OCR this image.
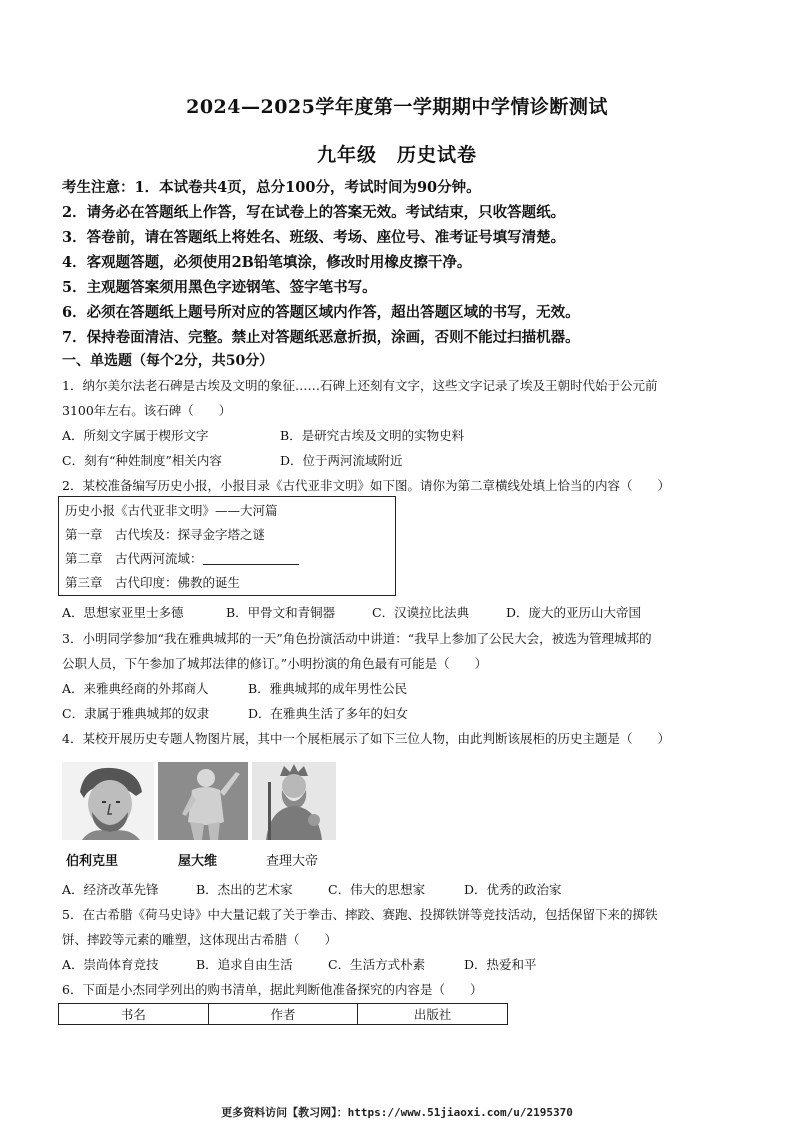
2024—2025学年度第一学期期中学情诊断测试
九年级　历史试卷
考生注意：1．本试卷共4页，总分100分，考试时间为90分钟。
2．请务必在答题纸上作答，写在试卷上的答案无效。考试结束，只收答题纸。
3．答卷前，请在答题纸上将姓名、班级、考场、座位号、准考证号填写清楚。
4．客观题答题，必须使用2B铅笔填涂，修改时用橡皮擦干净。
5．主观题答案须用黑色字迹钢笔、签字笔书写。
6．必须在答题纸上题号所对应的答题区域内作答，超出答题区域的书写，无效。
7．保持卷面清洁、完整。禁止对答题纸恶意折损，涂画，否则不能过扫描机器。
一、单选题（每个2分，共50分）
1．纳尔美尔法老石碑是古埃及文明的象征……石碑上还刻有文字，这些文字记录了埃及王朝时代始于公元前
3100年左右。该石碑（　　）
A．所刻文字属于楔形文字	B．是研究古埃及文明的实物史料
C．刻有“种姓制度”相关内容	D．位于两河流域附近
2．某校准备编写历史小报，小报目录《古代亚非文明》如下图。请你为第二章横线处填上恰当的内容（　　）
历史小报《古代亚非文明》——大河篇
第一章　古代埃及：探寻金字塔之谜
第二章　古代两河流域：
第三章　古代印度：佛教的诞生
A．思想家亚里士多德	B．甲骨文和青铜器	C．汉谟拉比法典	D．庞大的亚历山大帝国
3．小明同学参加“我在雅典城邦的一天”角色扮演活动中讲道：“我早上参加了公民大会，被选为管理城邦的
公职人员，下午参加了城邦法律的修订。”小明扮演的角色最有可能是（　　）
A．来雅典经商的外邦商人	B．雅典城邦的成年男性公民
C．隶属于雅典城邦的奴隶	D．在雅典生活了多年的妇女
4．某校开展历史专题人物图片展，其中一个展柜展示了如下三位人物，由此判断该展柜的历史主题是（　　）
伯利克里	屋大维	查理大帝
A．经济改革先锋	B．杰出的艺术家	C．伟大的思想家	D．优秀的政治家
5．在古希腊《荷马史诗》中大量记载了关于拳击、摔跤、赛跑、投掷铁饼等竞技活动，包括保留下来的掷铁
饼、摔跤等元素的雕塑，这体现出古希腊（　　）
A．崇尚体育竞技	B．追求自由生活	C．生活方式朴素	D．热爱和平
6．下面是小杰同学列出的购书清单，据此判断他准备探究的内容是（　　）
书名	作者	出版社
更多资料访问【教习网】：https://www.51jiaoxi.com/u/2195370
